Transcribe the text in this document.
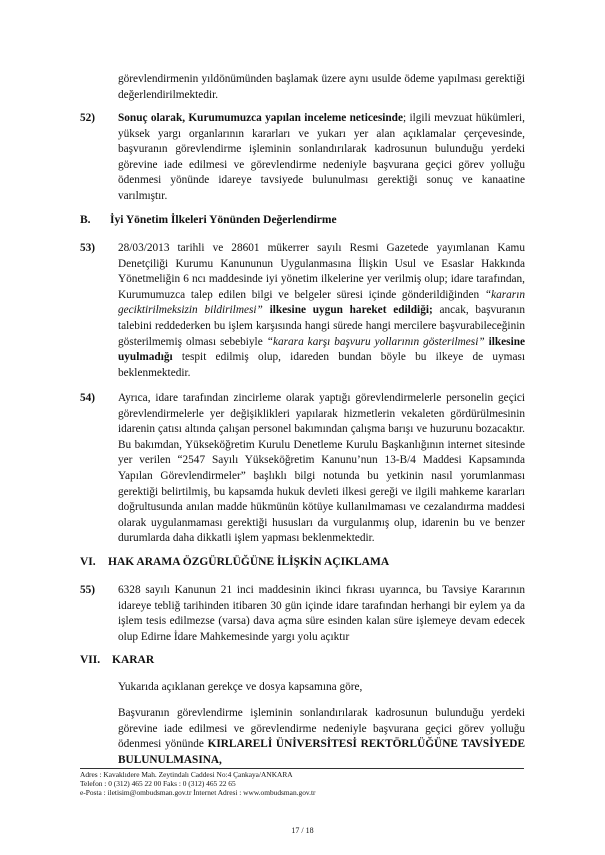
görevlendirmenin yıldönümünden başlamak üzere aynı usulde ödeme yapılması gerektiği değerlendirilmektedir.
52) Sonuç olarak, Kurumumuzca yapılan inceleme neticesinde; ilgili mevzuat hükümleri, yüksek yargı organlarının kararları ve yukarı yer alan açıklamalar çerçevesinde, başvuranın görevlendirme işleminin sonlandırılarak kadrosunun bulunduğu yerdeki görevine iade edilmesi ve görevlendirme nedeniyle başvurana geçici görev yolluğu ödenmesi yönünde idareye tavsiyede bulunulması gerektiği sonuç ve kanaatine varılmıştır.
B. İyi Yönetim İlkeleri Yönünden Değerlendirme
53) 28/03/2013 tarihli ve 28601 mükerrer sayılı Resmi Gazetede yayımlanan Kamu Denetçiliği Kurumu Kanununun Uygulanmasına İlişkin Usul ve Esaslar Hakkında Yönetmeliğin 6 ncı maddesinde iyi yönetim ilkelerine yer verilmiş olup; idare tarafından, Kurumumuzca talep edilen bilgi ve belgeler süresi içinde gönderildiğinden “kararın geciktirilmeksizin bildirilmesi” ilkesine uygun hareket edildiği; ancak, başvuranın talebini reddederken bu işlem karşısında hangi sürede hangi mercilere başvurabileceğinin gösterilmemiş olması sebebiyle “karara karşı başvuru yollarının gösterilmesi” ilkesine uyulmadığı tespit edilmiş olup, idareden bundan böyle bu ilkeye de uyması beklenmektedir.
54) Ayrıca, idare tarafından zincirleme olarak yaptığı görevlendirmelerle personelin geçici görevlendirmelerle yer değişiklikleri yapılarak hizmetlerin vekaleten gördürülmesinin idarenin çatısı altında çalışan personel bakımından çalışma barışı ve huzurunu bozacaktır. Bu bakımdan, Yükseköğretim Kurulu Denetleme Kurulu Başkanlığının internet sitesinde yer verilen “2547 Sayılı Yükseköğretim Kanunu’nun 13-B/4 Maddesi Kapsamında Yapılan Görevlendirmeler” başlıklı bilgi notunda bu yetkinin nasıl yorumlanması gerektiği belirtilmiş, bu kapsamda hukuk devleti ilkesi gereği ve ilgili mahkeme kararları doğrultusunda anılan madde hükmünün kötüye kullanılmaması ve cezalandırma maddesi olarak uygulanmaması gerektiği hususları da vurgulanmış olup, idarenin bu ve benzer durumlarda daha dikkatli işlem yapması beklenmektedir.
VI. HAK ARAMA ÖZGÜRLÜĞÜNE İLİŞKİN AÇIKLAMA
55) 6328 sayılı Kanunun 21 inci maddesinin ikinci fıkrası uyarınca, bu Tavsiye Kararının idareye tebliğ tarihinden itibaren 30 gün içinde idare tarafından herhangi bir eylem ya da işlem tesis edilmezse (varsa) dava açma süre esinden kalan süre işlemeye devam edecek olup Edirne İdare Mahkemesinde yargı yolu açıktır
VII. KARAR
Yukarıda açıklanan gerekçe ve dosya kapsamına göre,
Başvuranın görevlendirme işleminin sonlandırılarak kadrosunun bulunduğu yerdeki görevine iade edilmesi ve görevlendirme nedeniyle başvurana geçici görev yolluğu ödenmesi yönünde KIRLARELİ ÜNİVERSİTESİ REKTÖRLÜĞÜNE TAVSİYEDE BULUNULMASINA,
Adres : Kavaklıdere Mah. Zeytindalı Caddesi No:4 Çankaya/ANKARA
Telefon : 0 (312) 465 22 00 Faks : 0 (312) 465 22 65
e-Posta : iletisim@ombudsman.gov.tr İnternet Adresi : www.ombudsman.gov.tr
17 / 18
